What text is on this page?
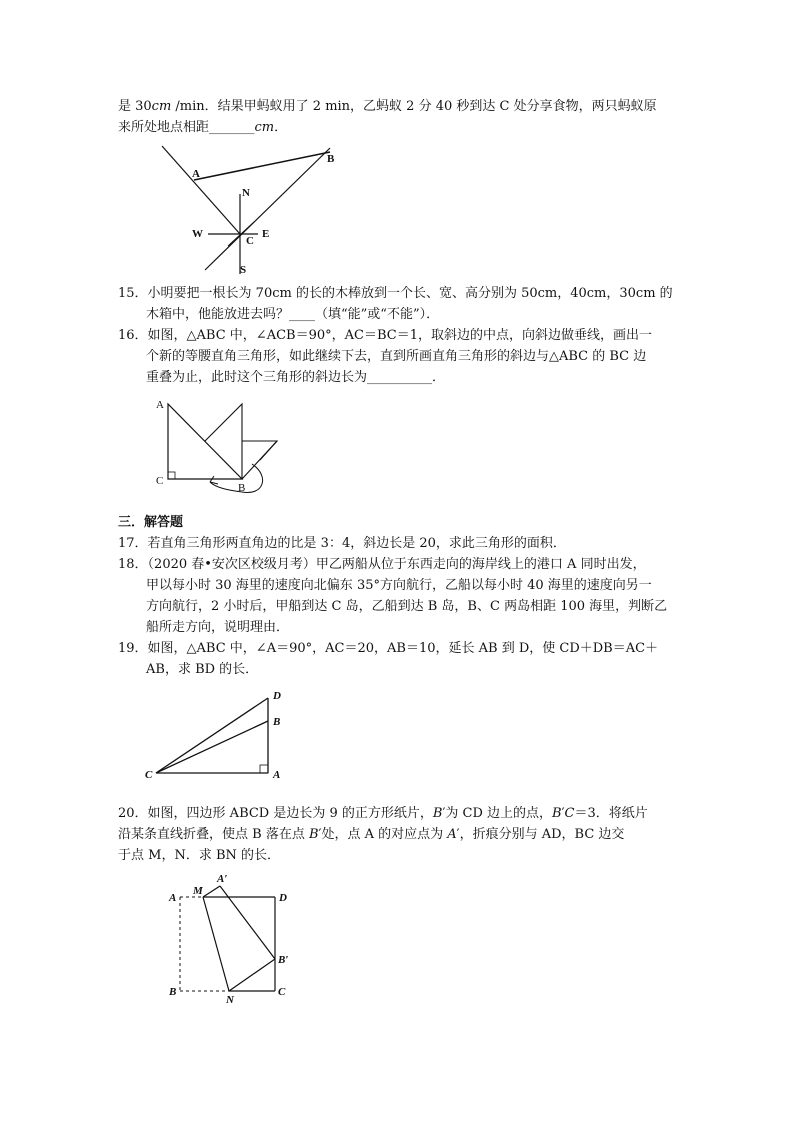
是 30𝑐𝑚 ∕min．结果甲蚂蚁用了 2 min，乙蚂蚁 2 分 40 秒到达 C 处分享食物，两只蚂蚁原
来所处地点相距_______𝑐𝑚．
A
B
N
W	E
C
S
15．小明要把一根长为 70cm 的长的木棒放到一个长、宽、高分别为 50cm，40cm，30cm 的
木箱中，他能放进去吗？____（填“能”或“不能”）．
16．如图，△ABC 中，∠ACB＝90°，AC＝BC＝1，取斜边的中点，向斜边做垂线，画出一
个新的等腰直角三角形，如此继续下去，直到所画直角三角形的斜边与△ABC 的 BC 边
重叠为止，此时这个三角形的斜边长为__________．
A
C
B
三．解答题
17．若直角三角形两直角边的比是 3：4，斜边长是 20，求此三角形的面积．
18．（2020 春•安次区校级月考）甲乙两船从位于东西走向的海岸线上的港口 A 同时出发，
甲以每小时 30 海里的速度向北偏东 35°方向航行，乙船以每小时 40 海里的速度向另一
方向航行，2 小时后，甲船到达 C 岛，乙船到达 B 岛，B、C 两岛相距 100 海里，判断乙
船所走方向，说明理由．
19．如图，△ABC 中，∠A＝90°，AC＝20，AB＝10，延长 AB 到 D，使 CD＋DB＝AC＋
AB，求 BD 的长．
C	A
B
D
20．如图，四边形 ABCD 是边长为 9 的正方形纸片，𝐵′为 CD 边上的点，𝐵′𝐶＝3．将纸片
沿某条直线折叠，使点 B 落在点 𝐵′处，点 A 的对应点为 𝐴′，折痕分别与 AD，BC 边交
于点 M，N．求 BN 的长．
A
M
A′
D
B′
B
N
C
